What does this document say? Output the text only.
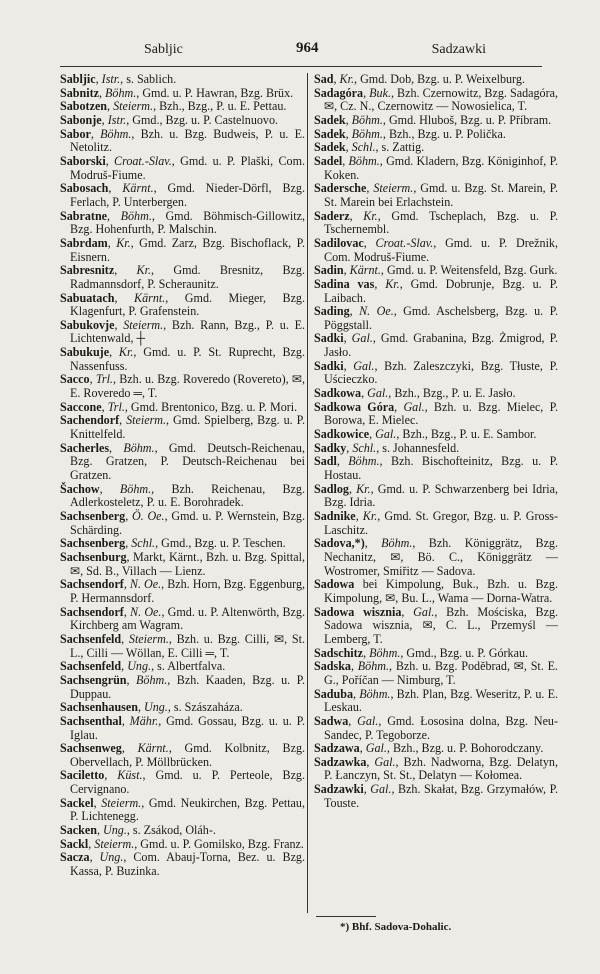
Sabljic	964	Sadzawki

Sabljic, Istr., s. Sablich.

Sabnitz, Böhm., Gmd. u. P. Hawran, Bzg. Brüx.

Sabotzen, Steierm., Bzh., Bzg., P. u. E. Pettau.

Sabonje, Istr., Gmd., Bzg. u. P. Castelnuovo.

Sabor, Böhm., Bzh. u. Bzg. Budweis, P. u. E. Netolitz.

Saborski, Croat.-Slav., Gmd. u. P. Plaški, Com. Modruš-Fiume.

Sabosach, Kärnt., Gmd. Nieder-Dörfl, Bzg. Ferlach, P. Unterbergen.

Sabratne, Böhm., Gmd. Böhmisch-Gillowitz, Bzg. Hohenfurth, P. Malschin.

Sabrdam, Kr., Gmd. Zarz, Bzg. Bischoflack, P. Eisnern.

Sabresnitz, Kr., Gmd. Bresnitz, Bzg. Radmannsdorf, P. Scheraunitz.

Sabuatach, Kärnt., Gmd. Mieger, Bzg. Klagenfurt, P. Grafenstein.

Sabukovje, Steierm., Bzh. Rann, Bzg., P. u. E. Lichtenwald, ┼

Sabukuje, Kr., Gmd. u. P. St. Ruprecht, Bzg. Nassenfuss.

Sacco, Trl., Bzh. u. Bzg. Roveredo (Rovereto), ✉, E. Roveredo ═, T.

Saccone, Trl., Gmd. Brentonico, Bzg. u. P. Mori.

Sachendorf, Steierm., Gmd. Spielberg, Bzg. u. P. Knittelfeld.

Sacherles, Böhm., Gmd. Deutsch-Reichenau, Bzg. Gratzen, P. Deutsch-Reichenau bei Gratzen.

Šachow, Böhm., Bzh. Reichenau, Bzg. Adlerkosteletz, P. u. E. Borohradek.

Sachsenberg, Ö. Oe., Gmd. u. P. Wernstein, Bzg. Schärding.

Sachsenberg, Schl., Gmd., Bzg. u. P. Teschen.

Sachsenburg, Markt, Kärnt., Bzh. u. Bzg. Spittal, ✉, Sd. B., Villach — Lienz.

Sachsendorf, N. Oe., Bzh. Horn, Bzg. Eggenburg, P. Hermannsdorf.

Sachsendorf, N. Oe., Gmd. u. P. Altenwörth, Bzg. Kirchberg am Wagram.

Sachsenfeld, Steierm., Bzh. u. Bzg. Cilli, ✉, St. L., Cilli — Wöllan, E. Cilli ═, T.

Sachsenfeld, Ung., s. Albertfalva.

Sachsengrün, Böhm., Bzh. Kaaden, Bzg. u. P. Duppau.

Sachsenhausen, Ung., s. Szászaháza.

Sachsenthal, Mähr., Gmd. Gossau, Bzg. u. u. P. Iglau.

Sachsenweg, Kärnt., Gmd. Kolbnitz, Bzg. Obervellach, P. Möllbrücken.

Saciletto, Küst., Gmd. u. P. Perteole, Bzg. Cervignano.

Sackel, Steierm., Gmd. Neukirchen, Bzg. Pettau, P. Lichtenegg.

Sacken, Ung., s. Zsákod, Oláh-.

Sackl, Steierm., Gmd. u. P. Gomilsko, Bzg. Franz.

Sacza, Ung., Com. Abauj-Torna, Bez. u. Bzg. Kassa, P. Buzinka.

Sad, Kr., Gmd. Dob, Bzg. u. P. Weixelburg.

Sadagóra, Buk., Bzh. Czernowitz, Bzg. Sadagóra, ✉, Cz. N., Czernowitz — Nowosielica, T.

Sadek, Böhm., Gmd. Hluboš, Bzg. u. P. Příbram.

Sadek, Böhm., Bzh., Bzg. u. P. Polička.

Sadek, Schl., s. Zattig.

Sadel, Böhm., Gmd. Kladern, Bzg. Königinhof, P. Koken.

Sadersche, Steierm., Gmd. u. Bzg. St. Marein, P. St. Marein bei Erlachstein.

Saderz, Kr., Gmd. Tscheplach, Bzg. u. P. Tschernembl.

Sadilovac, Croat.-Slav., Gmd. u. P. Drežnik, Com. Modruš-Fiume.

Sadin, Kärnt., Gmd. u. P. Weitensfeld, Bzg. Gurk.

Sadina vas, Kr., Gmd. Dobrunje, Bzg. u. P. Laibach.

Sading, N. Oe., Gmd. Aschelsberg, Bzg. u. P. Pöggstall.

Sadki, Gal., Gmd. Grabanina, Bzg. Żmigrod, P. Jasło.

Sadki, Gal., Bzh. Zaleszczyki, Bzg. Tłuste, P. Uścieczko.

Sadkowa, Gal., Bzh., Bzg., P. u. E. Jasło.

Sadkowa Góra, Gal., Bzh. u. Bzg. Mielec, P. Borowa, E. Mielec.

Sadkowice, Gal., Bzh., Bzg., P. u. E. Sambor.

Sadky, Schl., s. Johannesfeld.

Sadl, Böhm., Bzh. Bischofteinitz, Bzg. u. P. Hostau.

Sadlog, Kr., Gmd. u. P. Schwarzenberg bei Idria, Bzg. Idria.

Sadnike, Kr., Gmd. St. Gregor, Bzg. u. P. Gross-Laschitz.

Sadova,*), Böhm., Bzh. Königgrätz, Bzg. Nechanitz, ✉, Bö. C., Königgrätz — Wostromer, Smiřitz — Sadova.

Sadowa bei Kimpolung, Buk., Bzh. u. Bzg. Kimpolung, ✉, Bu. L., Wama — Dorna-Watra.

Sadowa wisznia, Gal., Bzh. Mościska, Bzg. Sadowa wisznia, ✉, C. L., Przemyśl — Lemberg, T.

Sadschitz, Böhm., Gmd., Bzg. u. P. Górkau.

Sadska, Böhm., Bzh. u. Bzg. Poděbrad, ✉, St. E. G., Poříčan — Nimburg, T.

Saduba, Böhm., Bzh. Plan, Bzg. Weseritz, P. u. E. Leskau.

Sadwa, Gal., Gmd. Łososina dolna, Bzg. Neu-Sandec, P. Tegoborze.

Sadzawa, Gal., Bzh., Bzg. u. P. Bohorodczany.

Sadzawka, Gal., Bzh. Nadworna, Bzg. Delatyn, P. Łanczyn, St. St., Delatyn — Kołomea.

Sadzawki, Gal., Bzh. Skałat, Bzg. Grzymałów, P. Touste.

*) Bhf. Sadova-Dohalic.
